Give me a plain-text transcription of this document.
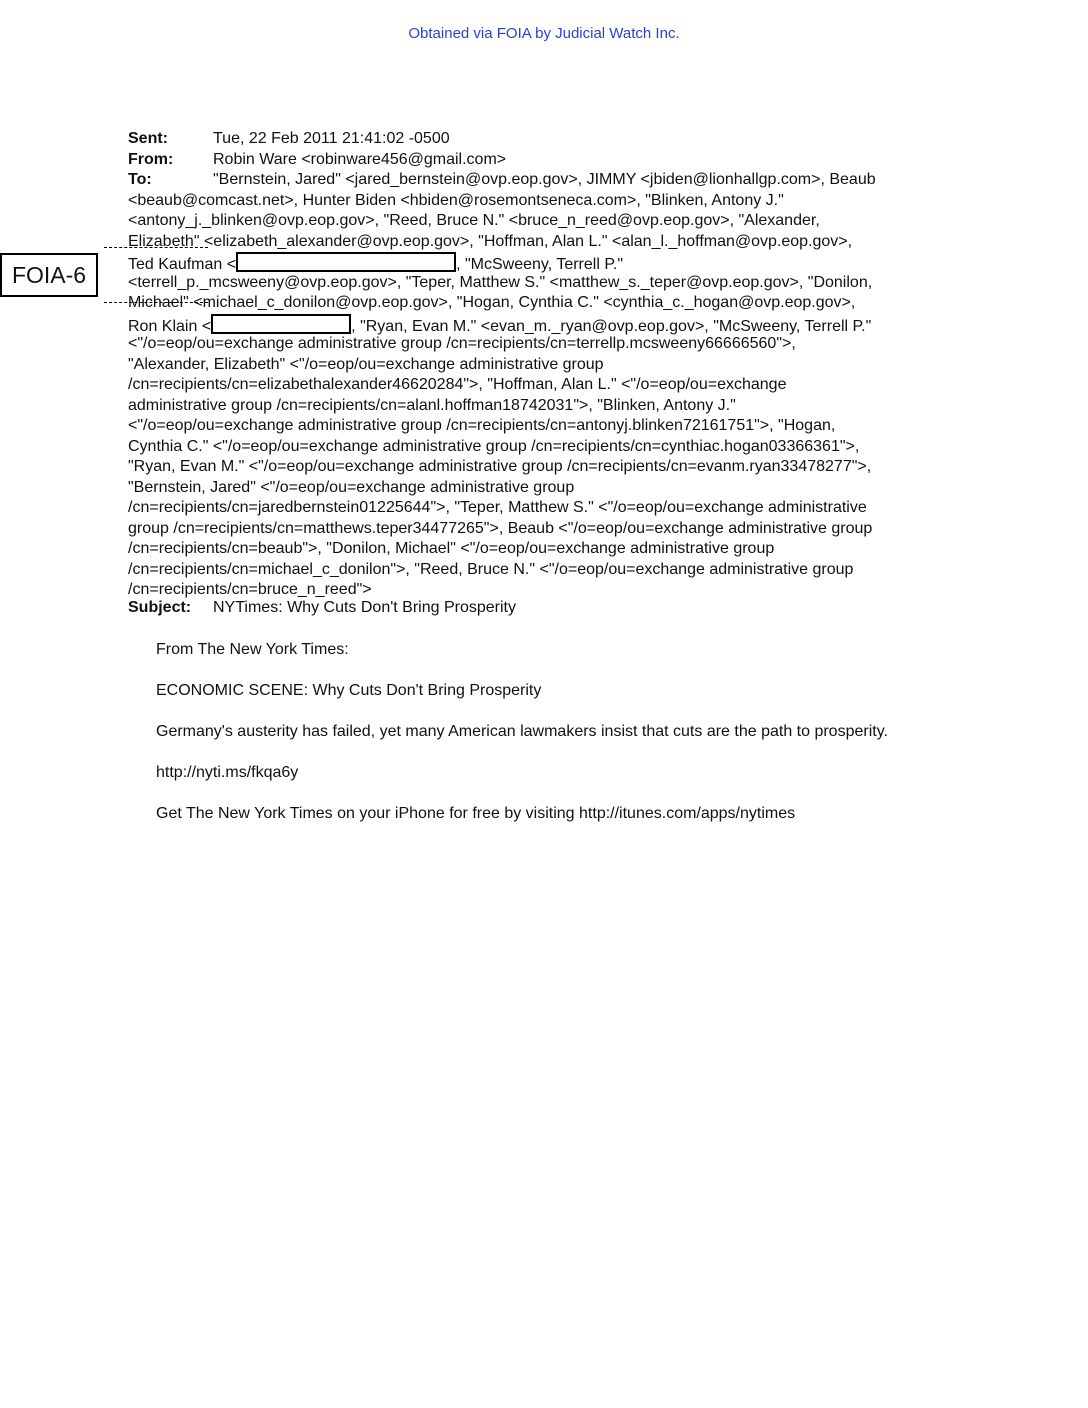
Obtained via FOIA by Judicial Watch Inc.
Sent:	Tue, 22 Feb 2011 21:41:02 -0500
From:	Robin Ware <robinware456@gmail.com>
To:	"Bernstein, Jared" <jared_bernstein@ovp.eop.gov>, JIMMY <jbiden@lionhallgp.com>, Beaub
<beaub@comcast.net>, Hunter Biden <hbiden@rosemontseneca.com>, "Blinken, Antony J."
<antony_j._blinken@ovp.eop.gov>, "Reed, Bruce N." <bruce_n_reed@ovp.eop.gov>, "Alexander,
Elizabeth" <elizabeth_alexander@ovp.eop.gov>, "Hoffman, Alan L." <alan_l._hoffman@ovp.eop.gov>,
Ted Kaufman <	, "McSweeny, Terrell P."
<terrell_p._mcsweeny@ovp.eop.gov>, "Teper, Matthew S." <matthew_s._teper@ovp.eop.gov>, "Donilon,
Michael" <michael_c_donilon@ovp.eop.gov>, "Hogan, Cynthia C." <cynthia_c._hogan@ovp.eop.gov>,
Ron Klain <	, "Ryan, Evan M." <evan_m._ryan@ovp.eop.gov>, "McSweeny, Terrell P."
<"/o=eop/ou=exchange administrative group /cn=recipients/cn=terrellp.mcsweeny66666560">,
"Alexander, Elizabeth" <"/o=eop/ou=exchange administrative group
/cn=recipients/cn=elizabethalexander46620284">, "Hoffman, Alan L." <"/o=eop/ou=exchange
administrative group /cn=recipients/cn=alanl.hoffman18742031">, "Blinken, Antony J."
<"/o=eop/ou=exchange administrative group /cn=recipients/cn=antonyj.blinken72161751">, "Hogan,
Cynthia C." <"/o=eop/ou=exchange administrative group /cn=recipients/cn=cynthiac.hogan03366361">,
"Ryan, Evan M." <"/o=eop/ou=exchange administrative group /cn=recipients/cn=evanm.ryan33478277">,
"Bernstein, Jared" <"/o=eop/ou=exchange administrative group
/cn=recipients/cn=jaredbernstein01225644">, "Teper, Matthew S." <"/o=eop/ou=exchange administrative
group /cn=recipients/cn=matthews.teper34477265">, Beaub <"/o=eop/ou=exchange administrative group
/cn=recipients/cn=beaub">, "Donilon, Michael" <"/o=eop/ou=exchange administrative group
/cn=recipients/cn=michael_c_donilon">, "Reed, Bruce N." <"/o=eop/ou=exchange administrative group
/cn=recipients/cn=bruce_n_reed">
Subject:	NYTimes: Why Cuts Don't Bring Prosperity

From The New York Times:

ECONOMIC SCENE: Why Cuts Don't Bring Prosperity

Germany's austerity has failed, yet many American lawmakers insist that cuts are the path to prosperity.

http://nyti.ms/fkqa6y

Get The New York Times on your iPhone for free by visiting http://itunes.com/apps/nytimes

FOIA-6
